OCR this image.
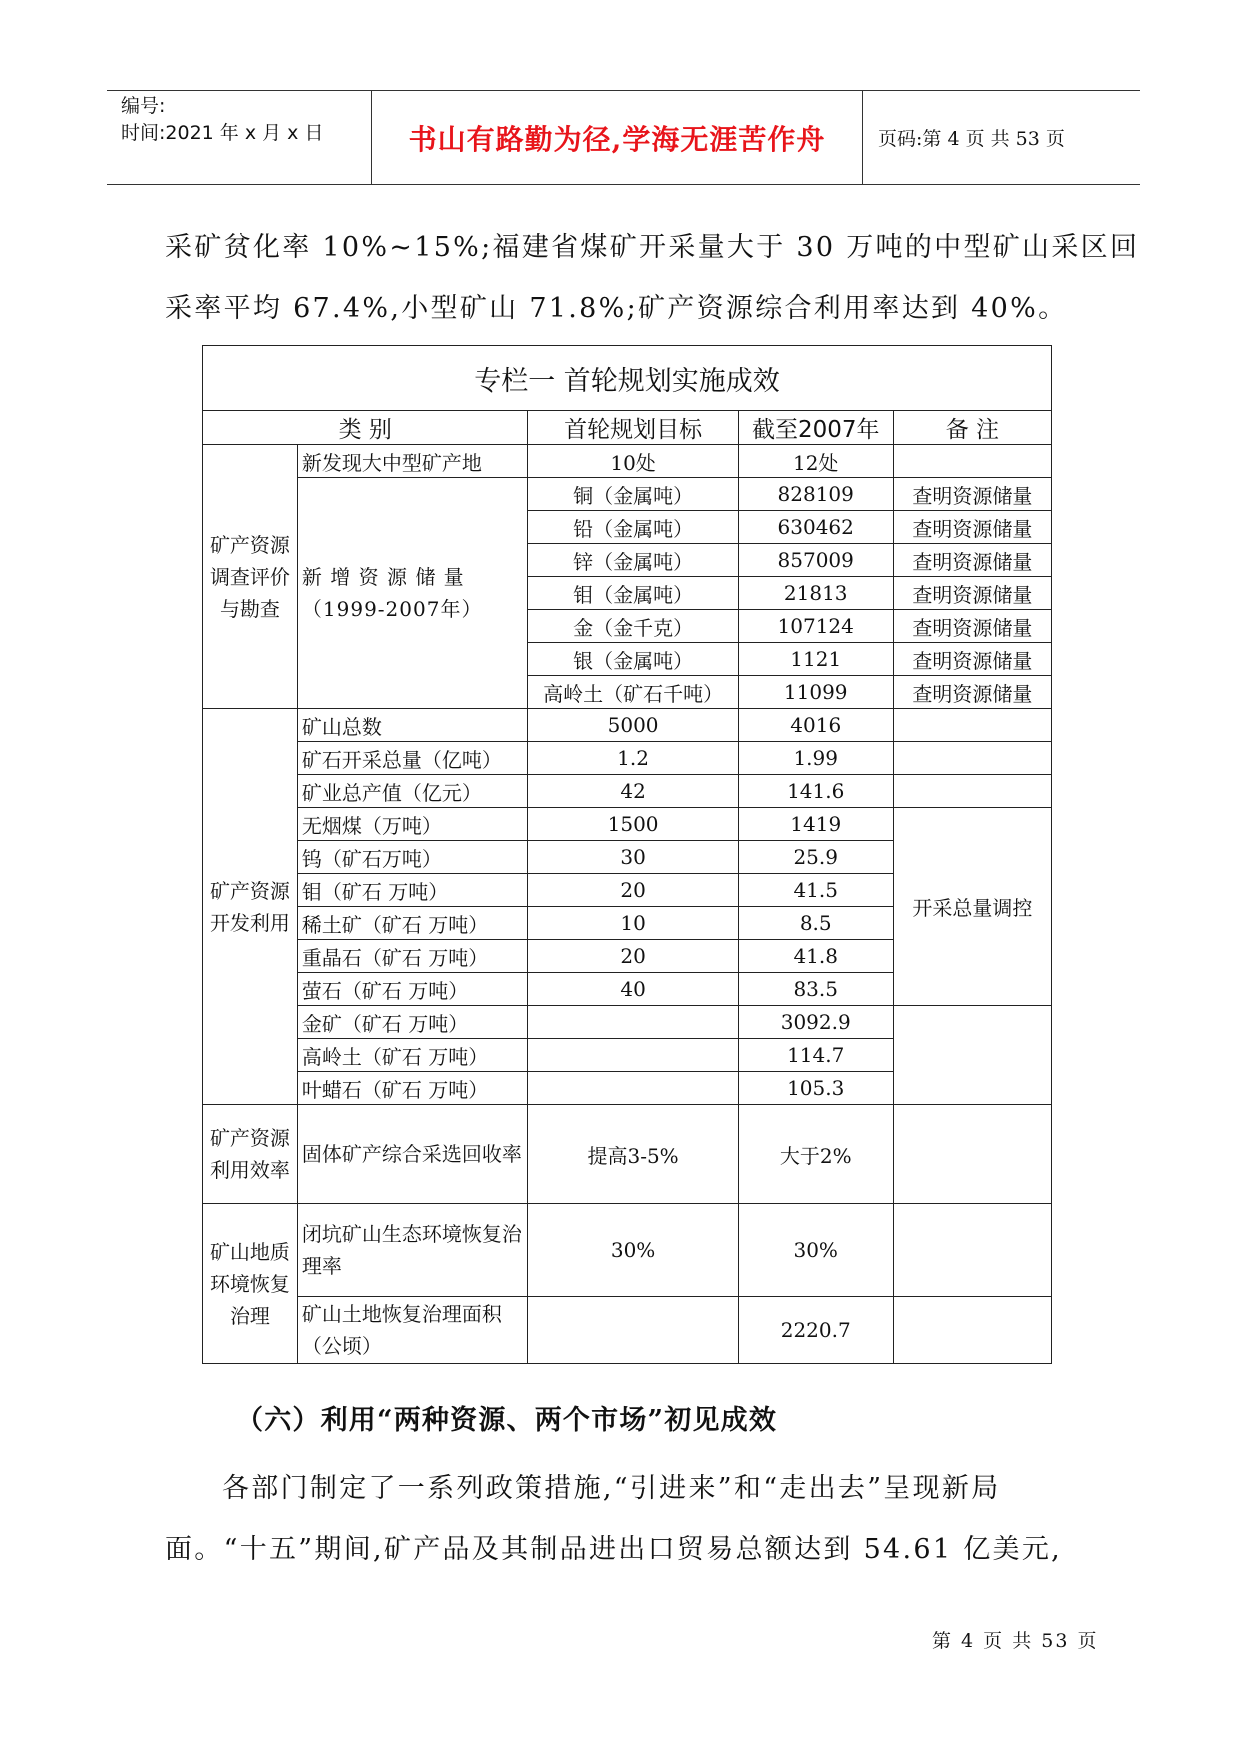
编号:
时间:2021 年 x 月 x 日	书山有路勤为径,学海无涯苦作舟	页码:第 4 页 共 53 页
采矿贫化率 10%~15%;福建省煤矿开采量大于 30 万吨的中型矿山采区回
采率平均 67.4%,小型矿山 71.8%;矿产资源综合利用率达到 40%。
专栏一 首轮规划实施成效				
类 别		首轮规划目标	截至2007年	备 注
矿产资源调查评价与勘查	新发现大中型矿产地	10处	12处	
	新 增 资 源 储 量（1999-2007年）	铜（金属吨）	828109	查明资源储量
		铅（金属吨）	630462	查明资源储量
		锌（金属吨）	857009	查明资源储量
		钼（金属吨）	21813	查明资源储量
		金（金千克）	107124	查明资源储量
		银（金属吨）	1121	查明资源储量
		高岭土（矿石千吨）	11099	查明资源储量
矿产资源开发利用	矿山总数	5000	4016	
	矿石开采总量（亿吨）	1.2	1.99	
	矿业总产值（亿元）	42	141.6	
	无烟煤（万吨）	1500	1419	开采总量调控
	钨（矿石万吨）	30	25.9	
	钼（矿石 万吨）	20	41.5	
	稀土矿（矿石 万吨）	10	8.5	
	重晶石（矿石 万吨）	20	41.8	
	萤石（矿石 万吨）	40	83.5	
	金矿（矿石 万吨）		3092.9	
	高岭土（矿石 万吨）		114.7	
	叶蜡石（矿石 万吨）		105.3	
矿产资源利用效率	固体矿产综合采选回收率	提高3-5%	大于2%	
矿山地质环境恢复治理	闭坑矿山生态环境恢复治理率	30%	30%	
	矿山土地恢复治理面积（公顷）		2220.7	
（六）利用“两种资源、两个市场”初见成效
各部门制定了一系列政策措施,“引进来”和“走出去”呈现新局
面。“十五”期间,矿产品及其制品进出口贸易总额达到 54.61 亿美元,
第 4 页 共 53 页
